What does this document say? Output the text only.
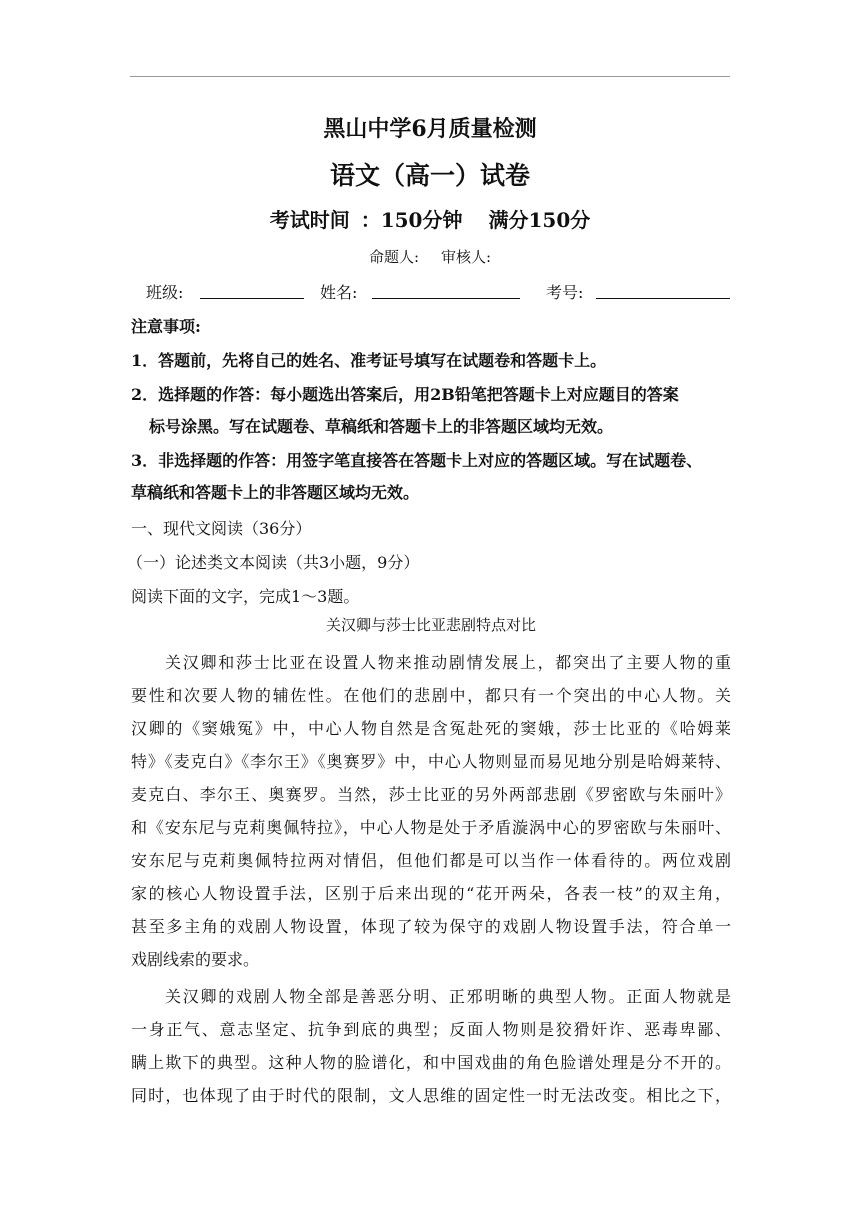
黑山中学6月质量检测
语文（高一）试卷
考试时间 ：150分钟 满分150分
命题人: 审核人:
班级:	姓名:	考号:
注意事项:
1．答题前，先将自己的姓名、准考证号填写在试题卷和答题卡上。
2．选择题的作答：每小题选出答案后，用2B铅笔把答题卡上对应题目的答案
标号涂黑。写在试题卷、草稿纸和答题卡上的非答题区域均无效。
3．非选择题的作答：用签字笔直接答在答题卡上对应的答题区域。写在试题卷、
草稿纸和答题卡上的非答题区域均无效。
一、现代文阅读（36分）
（一）论述类文本阅读（共3小题，9分）
阅读下面的文字，完成1～3题。
关汉卿与莎士比亚悲剧特点对比
关汉卿和莎士比亚在设置人物来推动剧情发展上，都突出了主要人物的重
要性和次要人物的辅佐性。在他们的悲剧中，都只有一个突出的中心人物。关
汉卿的《窦娥冤》中，中心人物自然是含冤赴死的窦娥，莎士比亚的《哈姆莱
特》《麦克白》《李尔王》《奥赛罗》中，中心人物则显而易见地分别是哈姆莱特、
麦克白、李尔王、奥赛罗。当然，莎士比亚的另外两部悲剧《罗密欧与朱丽叶》
和《安东尼与克莉奥佩特拉》，中心人物是处于矛盾漩涡中心的罗密欧与朱丽叶、
安东尼与克莉奥佩特拉两对情侣，但他们都是可以当作一体看待的。两位戏剧
家的核心人物设置手法，区别于后来出现的“花开两朵，各表一枝”的双主角，
甚至多主角的戏剧人物设置，体现了较为保守的戏剧人物设置手法，符合单一
戏剧线索的要求。
关汉卿的戏剧人物全部是善恶分明、正邪明晰的典型人物。正面人物就是
一身正气、意志坚定、抗争到底的典型；反面人物则是狡猾奸诈、恶毒卑鄙、
瞒上欺下的典型。这种人物的脸谱化，和中国戏曲的角色脸谱处理是分不开的。
同时，也体现了由于时代的限制，文人思维的固定性一时无法改变。相比之下，
